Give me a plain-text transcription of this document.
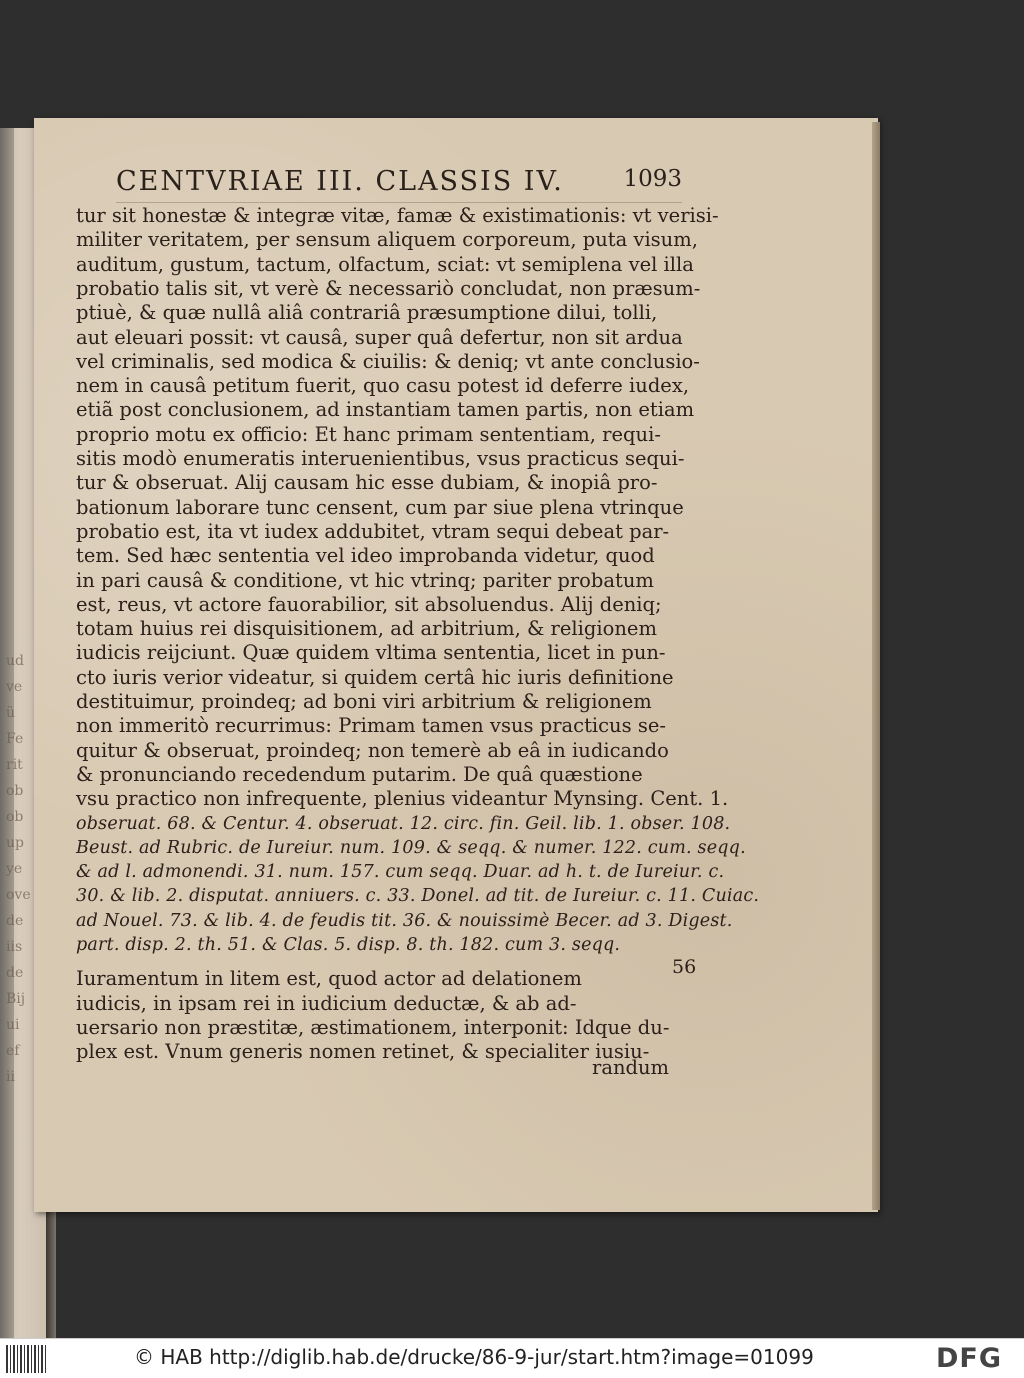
ud
ve
ü
Fe
rit
ob
ob
up
ye
ove
de
iis
de
Bij
ui
ef
ii
CENTVRIAE III. CLASSIS IV.	1093
tur sit honestæ & integræ vitæ, famæ & existimationis: vt verisi-
militer veritatem, per sensum aliquem corporeum, puta visum,
auditum, gustum, tactum, olfactum, sciat: vt semiplena vel illa
probatio talis sit, vt verè & necessariò concludat, non præsum-
ptiuè, & quæ nullâ aliâ contrariâ præsumptione dilui, tolli,
aut eleuari possit: vt causâ, super quâ defertur, non sit ardua
vel criminalis, sed modica & ciuilis: & deniq; vt ante conclusio-
nem in causâ petitum fuerit, quo casu potest id deferre iudex,
etiã post conclusionem, ad instantiam tamen partis, non etiam
proprio motu ex officio: Et hanc primam sententiam, requi-
sitis modò enumeratis interuenientibus, vsus practicus sequi-
tur & obseruat. Alij causam hic esse dubiam, & inopiâ pro-
bationum laborare tunc censent, cum par siue plena vtrinque
probatio est, ita vt iudex addubitet, vtram sequi debeat par-
tem. Sed hæc sententia vel ideo improbanda videtur, quod
in pari causâ & conditione, vt hic vtrinq; pariter probatum
est, reus, vt actore fauorabilior, sit absoluendus. Alij deniq;
totam huius rei disquisitionem, ad arbitrium, & religionem
iudicis reijciunt. Quæ quidem vltima sententia, licet in pun-
cto iuris verior videatur, si quidem certâ hic iuris definitione
destituimur, proindeq; ad boni viri arbitrium & religionem
non immeritò recurrimus: Primam tamen vsus practicus se-
quitur & obseruat, proindeq; non temerè ab eâ in iudicando
& pronunciando recedendum putarim. De quâ quæstione
vsu practico non infrequente, plenius videantur Mynsing. Cent. 1.
obseruat. 68. & Centur. 4. obseruat. 12. circ. fin. Geil. lib. 1. obser. 108.
Beust. ad Rubric. de Iureiur. num. 109. & seqq. & numer. 122. cum. seqq.
& ad l. admonendi. 31. num. 157. cum seqq. Duar. ad h. t. de Iureiur. c.
30. & lib. 2. disputat. anniuers. c. 33. Donel. ad tit. de Iureiur. c. 11. Cuiac.
ad Nouel. 73. & lib. 4. de feudis tit. 36. & nouissimè Becer. ad 3. Digest.
part. disp. 2. th. 51. & Clas. 5. disp. 8. th. 182. cum 3. seqq.
Iuramentum in litem est, quod actor ad delationem
iudicis, in ipsam rei in iudicium deductæ, & ab ad-
uersario non præstitæ, æstimationem, interponit: Idque du-
plex est. Vnum generis nomen retinet, & specialiter iusiu-
56
randum
© HAB http://diglib.hab.de/drucke/86-9-jur/start.htm?image=01099	DFG
